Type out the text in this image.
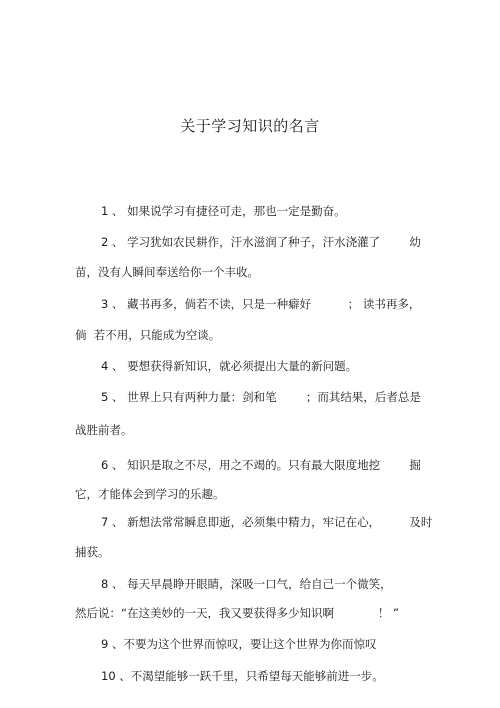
关于学习知识的名言
1 、 如果说学习有捷径可走，那也一定是勤奋。
2 、 学习犹如农民耕作，汗水滋润了种子，汗水浇灌了        幼
苗，没有人瞬间奉送给你一个丰收。
3 、 藏书再多，倘若不读，只是一种癖好          ； 读书再多，
倘  若不用，只能成为空谈。
4 、 要想获得新知识，就必须提出大量的新问题。
5 、 世界上只有两种力量：剑和笔        ；而其结果，后者总是
战胜前者。
6 、 知识是取之不尽，用之不竭的。只有最大限度地挖        掘
它，才能体会到学习的乐趣。
7 、 新想法常常瞬息即逝，必须集中精力，牢记在心，        及时
捕获。
8 、 每天早晨睁开眼睛，深吸一口气，给自己一个微笑，
然后说：“在这美妙的一天，我又要获得多少知识啊            ！ ”
9 、不要为这个世界而惊叹，要让这个世界为你而惊叹
10 、不渴望能够一跃千里，只希望每天能够前进一步。
